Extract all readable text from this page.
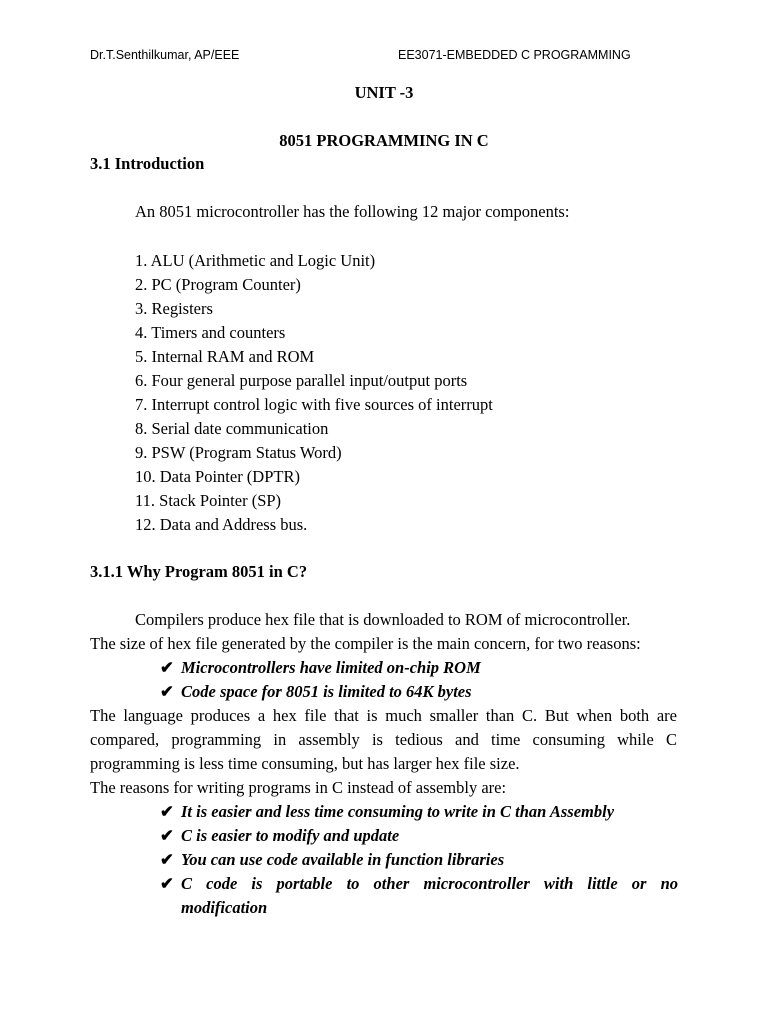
Dr.T.Senthilkumar, AP/EEE	EE3071-EMBEDDED C PROGRAMMING
UNIT -3
8051 PROGRAMMING IN C
3.1 Introduction
An 8051 microcontroller has the following 12 major components:
1. ALU (Arithmetic and Logic Unit)
2. PC (Program Counter)
3. Registers
4. Timers and counters
5. Internal RAM and ROM
6. Four general purpose parallel input/output ports
7. Interrupt control logic with five sources of interrupt
8. Serial date communication
9. PSW (Program Status Word)
10. Data Pointer (DPTR)
11. Stack Pointer (SP)
12. Data and Address bus.
3.1.1 Why Program 8051 in C?
Compilers produce hex file that is downloaded to ROM of microcontroller.
The size of hex file generated by the compiler is the main concern, for two reasons:
✔ Microcontrollers have limited on-chip ROM
✔ Code space for 8051 is limited to 64K bytes
The language produces a hex file that is much smaller than C. But when both are
compared, programming in assembly is tedious and time consuming while C
programming is less time consuming, but has larger hex file size.
The reasons for writing programs in C instead of assembly are:
✔ It is easier and less time consuming to write in C than Assembly
✔ C is easier to modify and update
✔ You can use code available in function libraries
✔ C code is portable to other microcontroller with little or no
modification
